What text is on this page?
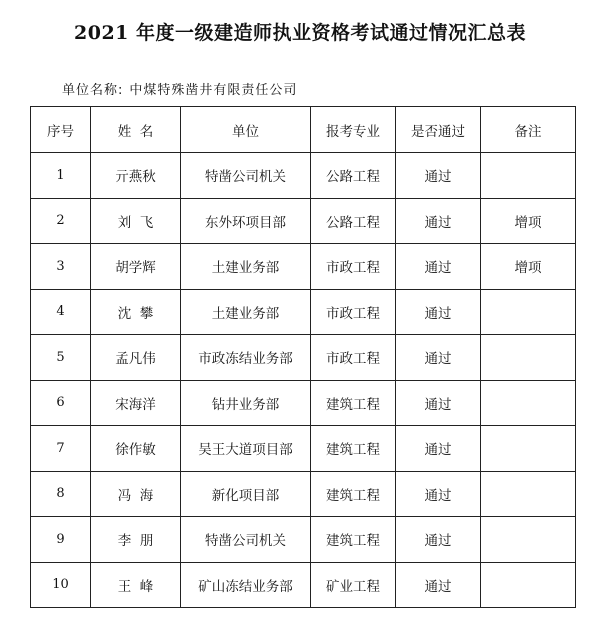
2021 年度一级建造师执业资格考试通过情况汇总表
单位名称: 中煤特殊凿井有限责任公司
序号	姓  名	单位	报考专业	是否通过	备注
1	亓燕秋	特凿公司机关	公路工程	通过	
2	刘  飞	东外环项目部	公路工程	通过	增项
3	胡学辉	土建业务部	市政工程	通过	增项
4	沈  攀	土建业务部	市政工程	通过	
5	孟凡伟	市政冻结业务部	市政工程	通过	
6	宋海洋	钻井业务部	建筑工程	通过	
7	徐作敏	吴王大道项目部	建筑工程	通过	
8	冯  海	新化项目部	建筑工程	通过	
9	李  朋	特凿公司机关	建筑工程	通过	
10	王  峰	矿山冻结业务部	矿业工程	通过	
